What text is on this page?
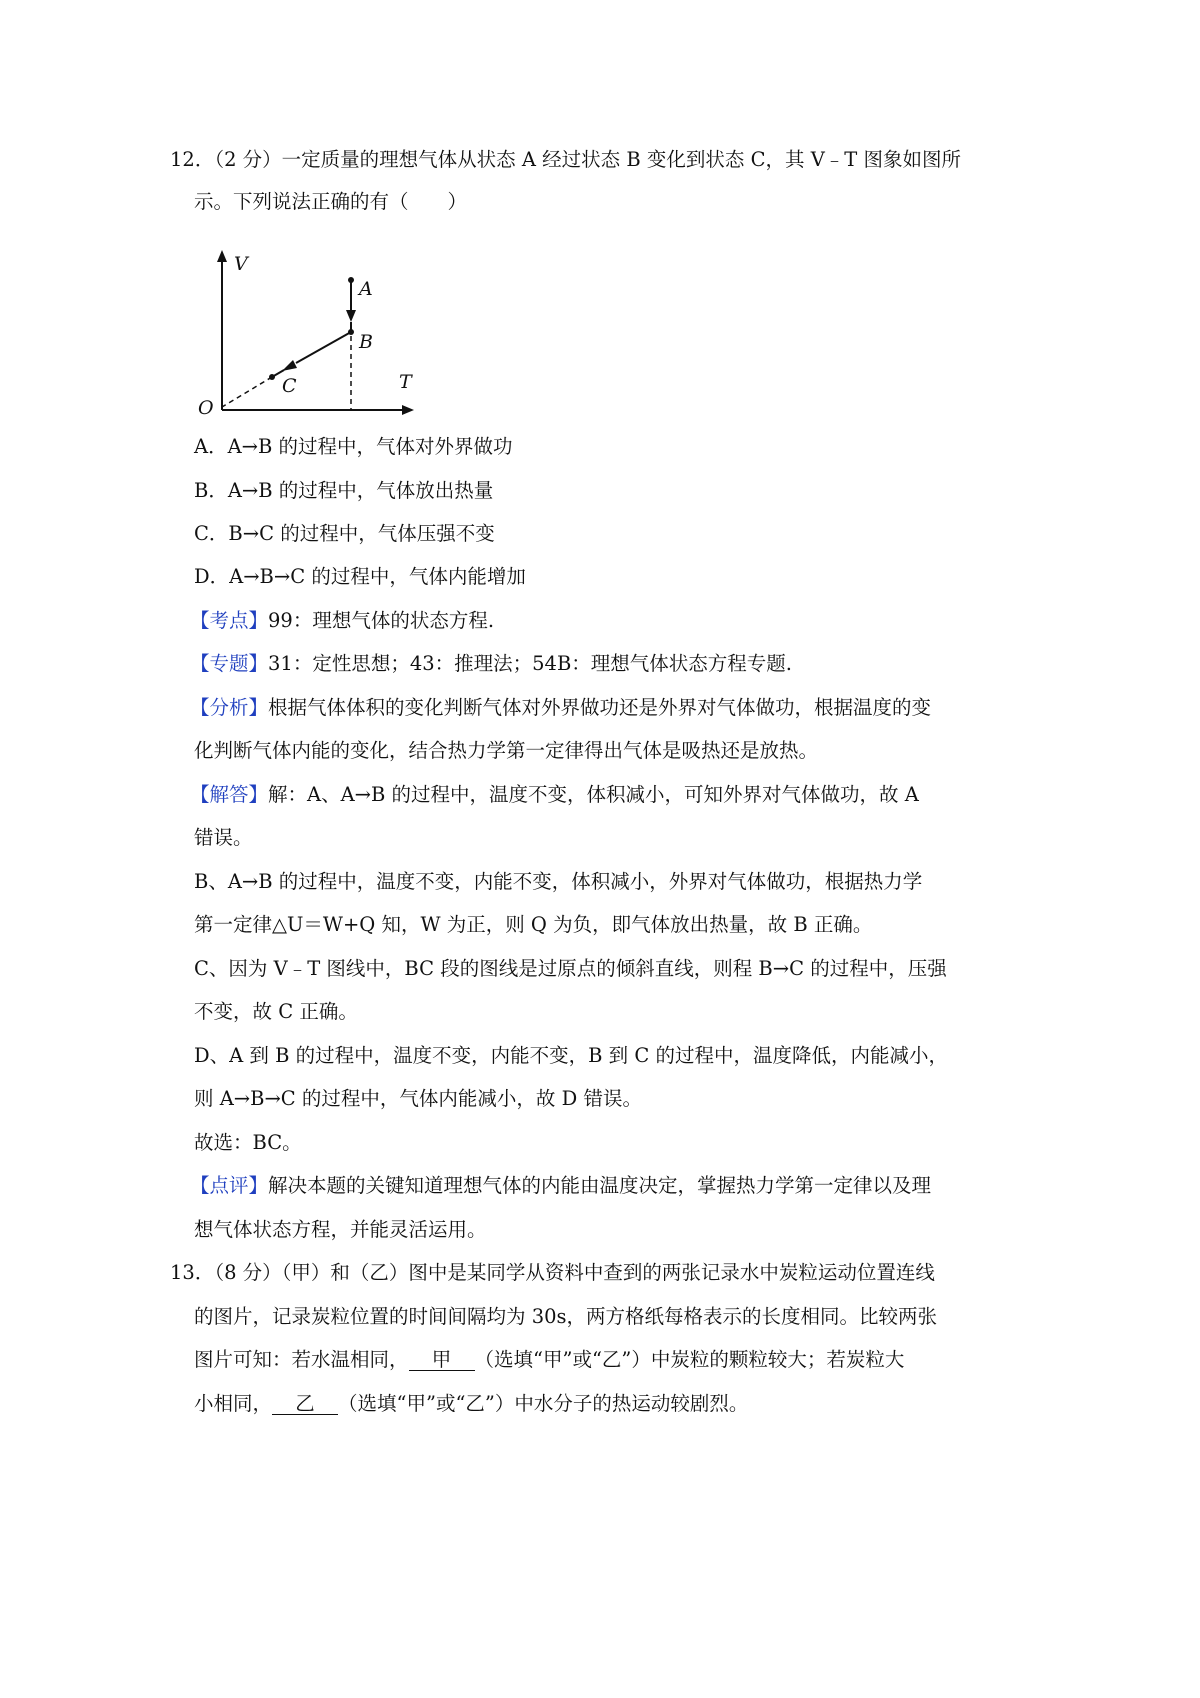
12．（2 分）一定质量的理想气体从状态 A 经过状态 B 变化到状态 C，其 V﹣T 图象如图所
示。下列说法正确的有（　　）
V
T
O
A
B
C
A．A→B 的过程中，气体对外界做功
B．A→B 的过程中，气体放出热量
C．B→C 的过程中，气体压强不变
D．A→B→C 的过程中，气体内能增加
【考点】99：理想气体的状态方程.
【专题】31：定性思想；43：推理法；54B：理想气体状态方程专题.
【分析】根据气体体积的变化判断气体对外界做功还是外界对气体做功，根据温度的变
化判断气体内能的变化，结合热力学第一定律得出气体是吸热还是放热。
【解答】解：A、A→B 的过程中，温度不变，体积减小，可知外界对气体做功，故 A
错误。
B、A→B 的过程中，温度不变，内能不变，体积减小，外界对气体做功，根据热力学
第一定律△U＝W+Q 知，W 为正，则 Q 为负，即气体放出热量，故 B 正确。
C、因为 V﹣T 图线中，BC 段的图线是过原点的倾斜直线，则程 B→C 的过程中，压强
不变，故 C 正确。
D、A 到 B 的过程中，温度不变，内能不变，B 到 C 的过程中，温度降低，内能减小，
则 A→B→C 的过程中，气体内能减小，故 D 错误。
故选：BC。
【点评】解决本题的关键知道理想气体的内能由温度决定，掌握热力学第一定律以及理
想气体状态方程，并能灵活运用。
13．（8 分）（甲）和（乙）图中是某同学从资料中查到的两张记录水中炭粒运动位置连线
的图片，记录炭粒位置的时间间隔均为 30s，两方格纸每格表示的长度相同。比较两张
图片可知：若水温相同， 甲 （选填“甲”或“乙”）中炭粒的颗粒较大；若炭粒大
小相同， 乙 （选填“甲”或“乙”）中水分子的热运动较剧烈。
